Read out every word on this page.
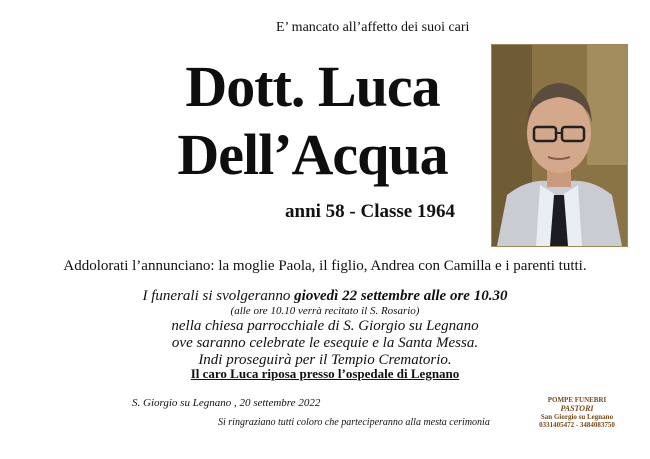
E’ mancato all’affetto dei suoi cari
Dott. Luca
Dell’Acqua
anni 58 - Classe 1964
Addolorati l’annunciano: la moglie Paola, il figlio, Andrea con Camilla e i parenti tutti.
I funerali si svolgeranno giovedì 22 settembre alle ore 10.30
(alle ore 10.10 verrà recitato il S. Rosario)
nella chiesa parrocchiale di S. Giorgio su Legnano
ove saranno celebrate le esequie e la Santa Messa.
Indi proseguirà per il Tempio Crematorio.
Il caro Luca riposa presso l’ospedale di Legnano
S. Giorgio su Legnano , 20 settembre 2022
Si ringraziano tutti coloro che parteciperanno alla mesta cerimonia
POMPE FUNEBRI
PASTORI
San Giorgio su Legnano
0331405472 - 3484083750
